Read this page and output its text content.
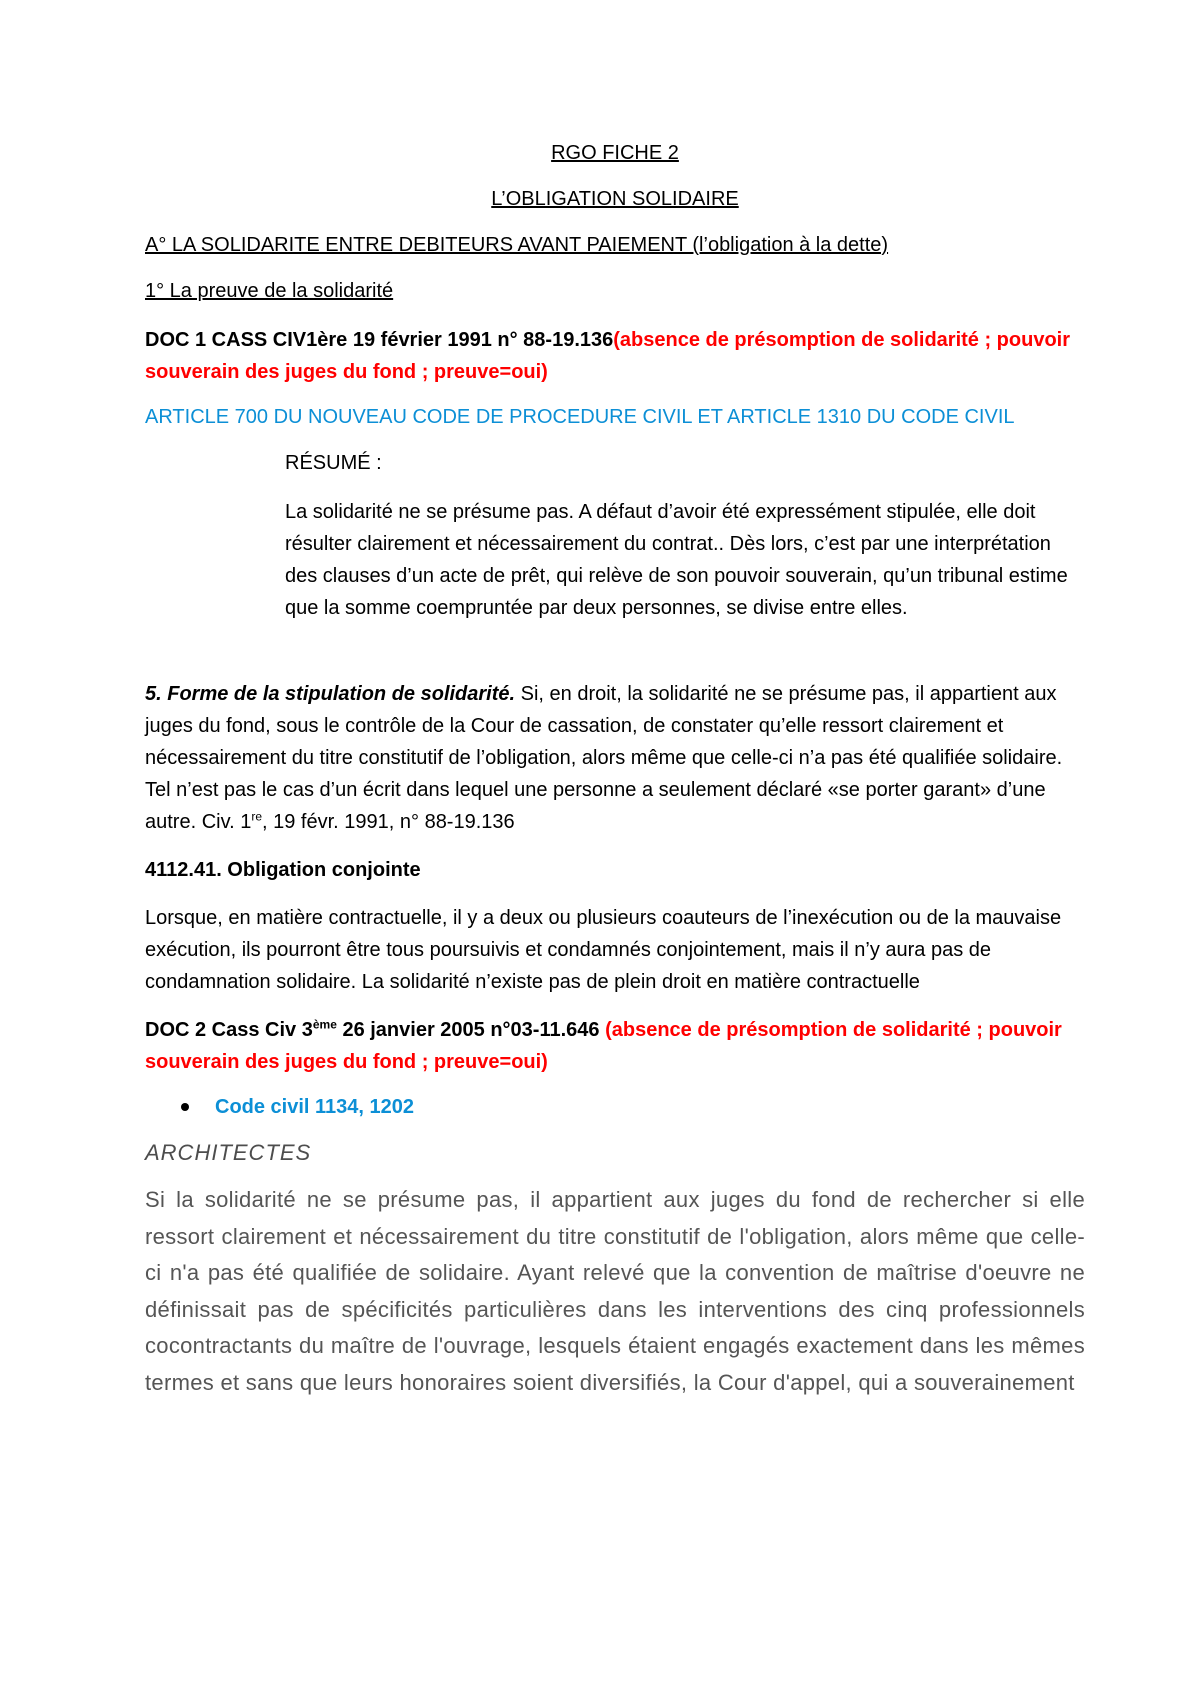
RGO FICHE 2

L’OBLIGATION SOLIDAIRE

A° LA SOLIDARITE ENTRE DEBITEURS AVANT PAIEMENT (l’obligation à la dette)

1° La preuve de la solidarité

DOC 1 CASS CIV1ère 19 février 1991 n° 88-19.136(absence de présomption de solidarité ; pouvoir souverain des juges du fond ; preuve=oui)

ARTICLE 700 DU NOUVEAU CODE DE PROCEDURE CIVIL ET ARTICLE 1310 DU CODE CIVIL

RÉSUMÉ :

La solidarité ne se présume pas. A défaut d’avoir été expressément stipulée, elle doit résulter clairement et nécessairement du contrat.. Dès lors, c’est par une interprétation des clauses d’un acte de prêt, qui relève de son pouvoir souverain, qu’un tribunal estime que la somme coempruntée par deux personnes, se divise entre elles.

5. Forme de la stipulation de solidarité. Si, en droit, la solidarité ne se présume pas, il appartient aux juges du fond, sous le contrôle de la Cour de cassation, de constater qu’elle ressort clairement et nécessairement du titre constitutif de l’obligation, alors même que celle-ci n’a pas été qualifiée solidaire. Tel n’est pas le cas d’un écrit dans lequel une personne a seulement déclaré «se porter garant» d’une autre. Civ. 1re, 19 févr. 1991, n° 88-19.136

4112.41. Obligation conjointe

Lorsque, en matière contractuelle, il y a deux ou plusieurs coauteurs de l’inexécution ou de la mauvaise exécution, ils pourront être tous poursuivis et condamnés conjointement, mais il n’y aura pas de condamnation solidaire. La solidarité n’existe pas de plein droit en matière contractuelle

DOC 2 Cass Civ 3ème 26 janvier 2005 n°03-11.646 (absence de présomption de solidarité ; pouvoir souverain des juges du fond ; preuve=oui)

Code civil 1134, 1202

ARCHITECTES

Si la solidarité ne se présume pas, il appartient aux juges du fond de rechercher si elle ressort clairement et nécessairement du titre constitutif de l'obligation, alors même que celle-ci n'a pas été qualifiée de solidaire. Ayant relevé que la convention de maîtrise d'oeuvre ne définissait pas de spécificités particulières dans les interventions des cinq professionnels cocontractants du maître de l'ouvrage, lesquels étaient engagés exactement dans les mêmes termes et sans que leurs honoraires soient diversifiés, la Cour d'appel, qui a souverainement
